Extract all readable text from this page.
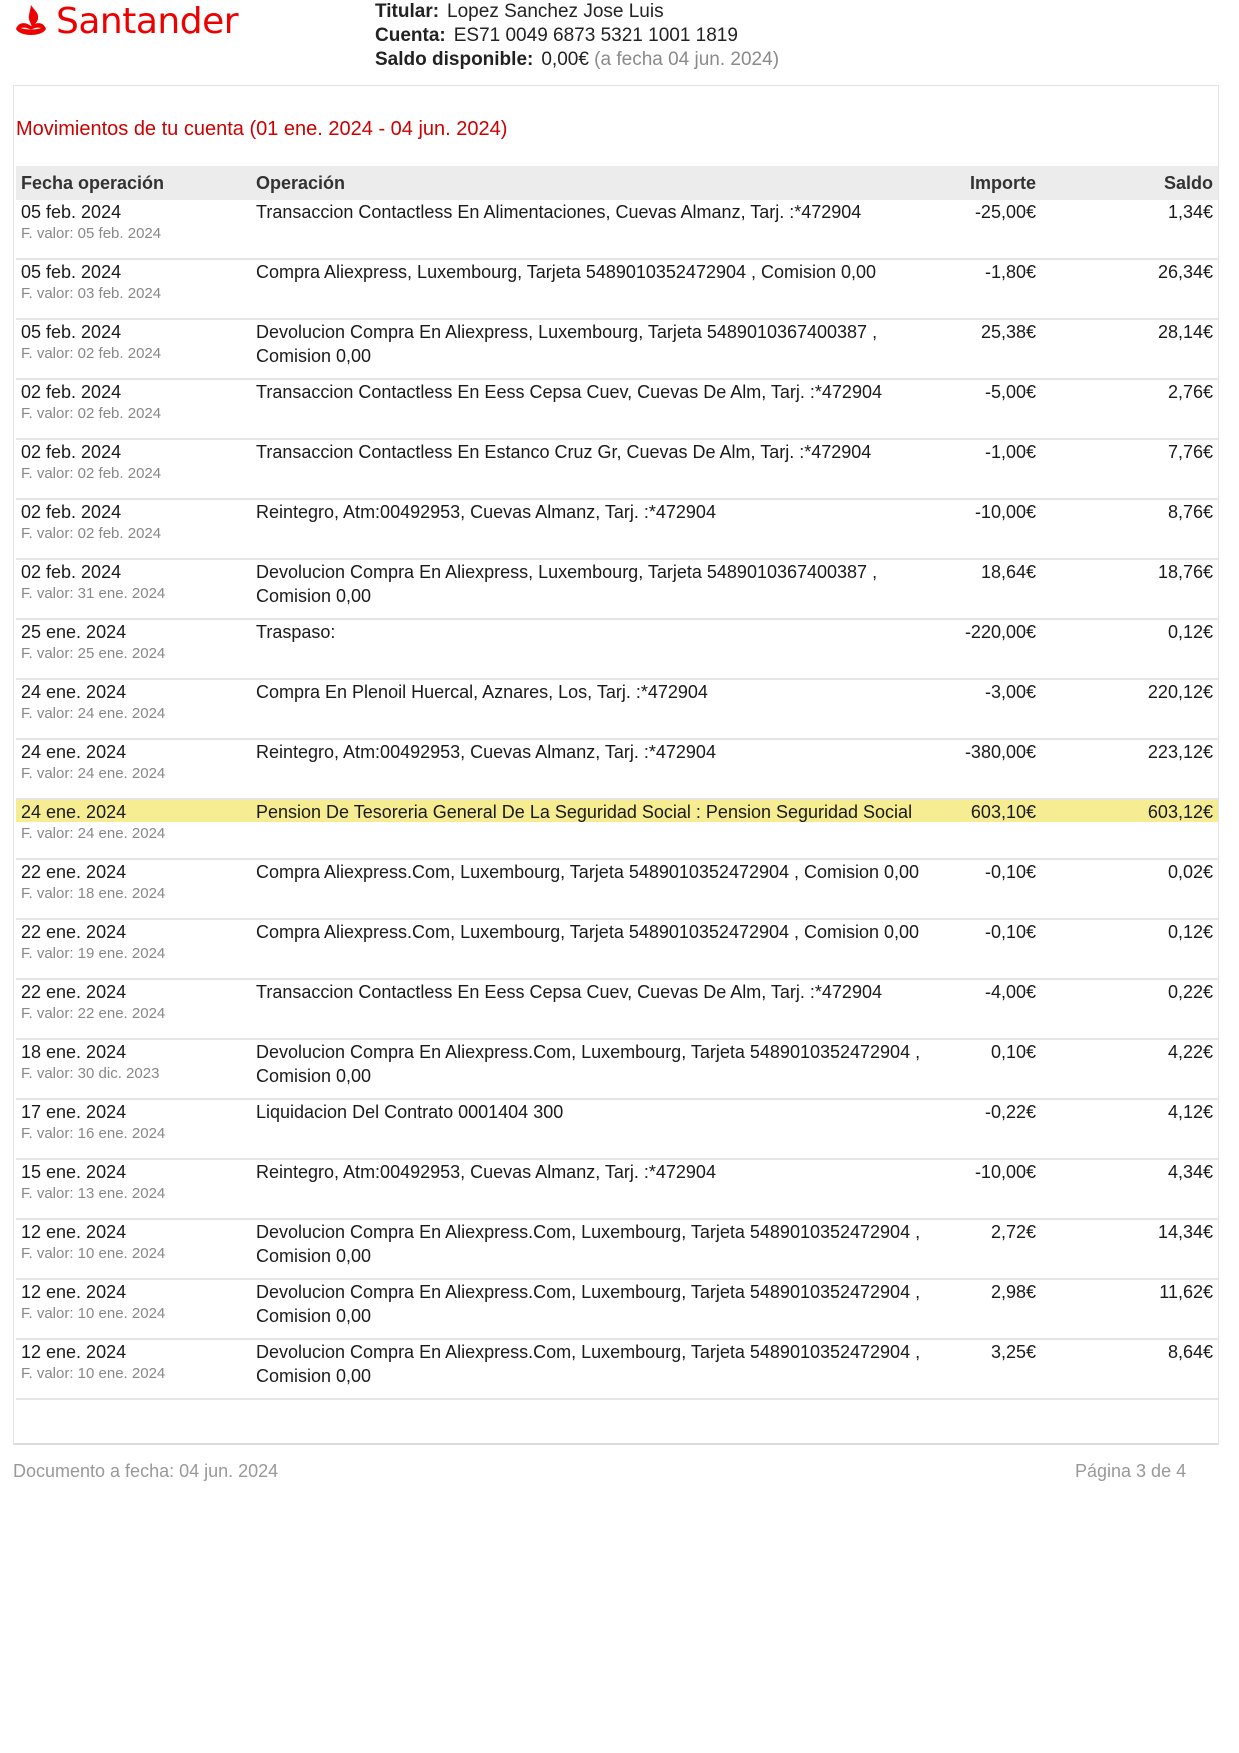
Santander	Titular: Lopez Sanchez Jose Luis
Cuenta: ES71 0049 6873 5321 1001 1819
Saldo disponible: 0,00€ (a fecha 04 jun. 2024)
Movimientos de tu cuenta (01 ene. 2024 - 04 jun. 2024)
Fecha operación	Operación	Importe	Saldo
05 feb. 2024
F. valor: 05 feb. 2024
Transaccion Contactless En Alimentaciones, Cuevas Almanz, Tarj. :*472904	-25,00€	1,34€
05 feb. 2024
F. valor: 03 feb. 2024
Compra Aliexpress, Luxembourg, Tarjeta 5489010352472904 , Comision 0,00	-1,80€	26,34€
05 feb. 2024
F. valor: 02 feb. 2024
Devolucion Compra En Aliexpress, Luxembourg, Tarjeta 5489010367400387 , Comision 0,00
25,38€	28,14€
02 feb. 2024
F. valor: 02 feb. 2024
Transaccion Contactless En Eess Cepsa Cuev, Cuevas De Alm, Tarj. :*472904	-5,00€	2,76€
02 feb. 2024
F. valor: 02 feb. 2024
Transaccion Contactless En Estanco Cruz Gr, Cuevas De Alm, Tarj. :*472904	-1,00€	7,76€
02 feb. 2024
F. valor: 02 feb. 2024
Reintegro, Atm:00492953, Cuevas Almanz, Tarj. :*472904	-10,00€	8,76€
02 feb. 2024
F. valor: 31 ene. 2024
Devolucion Compra En Aliexpress, Luxembourg, Tarjeta 5489010367400387 , Comision 0,00
18,64€	18,76€
25 ene. 2024
F. valor: 25 ene. 2024
Traspaso:	-220,00€	0,12€
24 ene. 2024
F. valor: 24 ene. 2024
Compra En Plenoil Huercal, Aznares, Los, Tarj. :*472904	-3,00€	220,12€
24 ene. 2024
F. valor: 24 ene. 2024
Reintegro, Atm:00492953, Cuevas Almanz, Tarj. :*472904	-380,00€	223,12€
24 ene. 2024
F. valor: 24 ene. 2024
Pension De Tesoreria General De La Seguridad Social : Pension Seguridad Social	603,10€	603,12€
22 ene. 2024
F. valor: 18 ene. 2024
Compra Aliexpress.Com, Luxembourg, Tarjeta 5489010352472904 , Comision 0,00	-0,10€	0,02€
22 ene. 2024
F. valor: 19 ene. 2024
Compra Aliexpress.Com, Luxembourg, Tarjeta 5489010352472904 , Comision 0,00	-0,10€	0,12€
22 ene. 2024
F. valor: 22 ene. 2024
Transaccion Contactless En Eess Cepsa Cuev, Cuevas De Alm, Tarj. :*472904	-4,00€	0,22€
18 ene. 2024
F. valor: 30 dic. 2023
Devolucion Compra En Aliexpress.Com, Luxembourg, Tarjeta 5489010352472904 , Comision 0,00
0,10€	4,22€
17 ene. 2024
F. valor: 16 ene. 2024
Liquidacion Del Contrato 0001404 300	-0,22€	4,12€
15 ene. 2024
F. valor: 13 ene. 2024
Reintegro, Atm:00492953, Cuevas Almanz, Tarj. :*472904	-10,00€	4,34€
12 ene. 2024
F. valor: 10 ene. 2024
Devolucion Compra En Aliexpress.Com, Luxembourg, Tarjeta 5489010352472904 , Comision 0,00
2,72€	14,34€
12 ene. 2024
F. valor: 10 ene. 2024
Devolucion Compra En Aliexpress.Com, Luxembourg, Tarjeta 5489010352472904 , Comision 0,00
2,98€	11,62€
12 ene. 2024
F. valor: 10 ene. 2024
Devolucion Compra En Aliexpress.Com, Luxembourg, Tarjeta 5489010352472904 , Comision 0,00
3,25€	8,64€
Documento a fecha: 04 jun. 2024	Página 3 de 4
